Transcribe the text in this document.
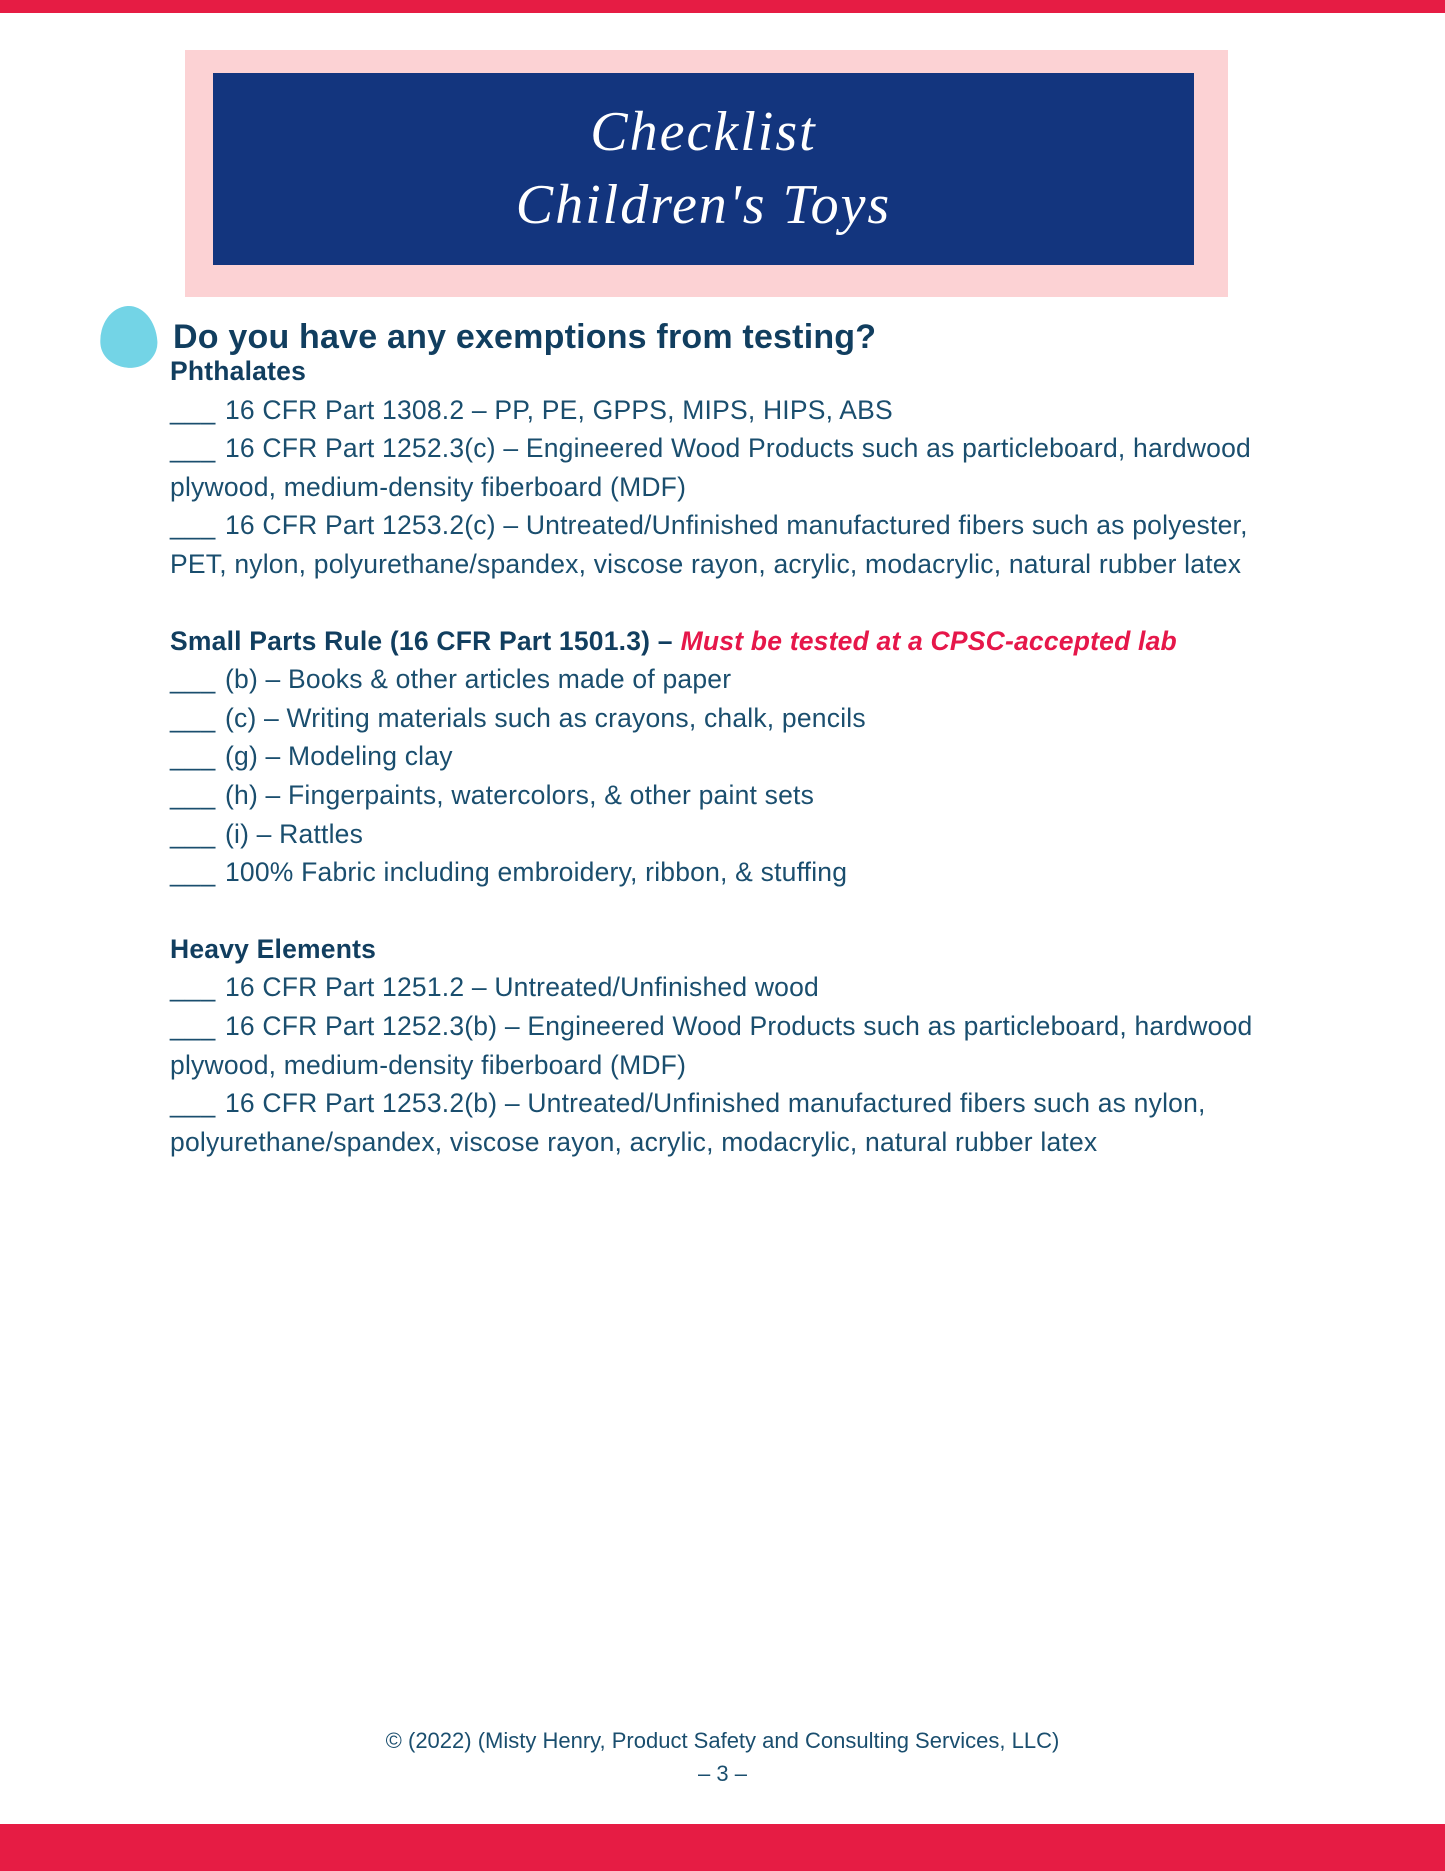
Checklist
Children's Toys
Do you have any exemptions from testing?

Phthalates

___ 16 CFR Part 1308.2 – PP, PE, GPPS, MIPS, HIPS, ABS

___ 16 CFR Part 1252.3(c) – Engineered Wood Products such as particleboard, hardwood plywood, medium-density fiberboard (MDF)

___ 16 CFR Part 1253.2(c) – Untreated/Unfinished manufactured fibers such as polyester, PET, nylon, polyurethane/spandex, viscose rayon, acrylic, modacrylic, natural rubber latex

Small Parts Rule (16 CFR Part 1501.3) – Must be tested at a CPSC-accepted lab

___ (b) – Books & other articles made of paper

___ (c) – Writing materials such as crayons, chalk, pencils

___ (g) – Modeling clay

___ (h) – Fingerpaints, watercolors, & other paint sets

___ (i) – Rattles

___ 100% Fabric including embroidery, ribbon, & stuffing

Heavy Elements

___ 16 CFR Part 1251.2 – Untreated/Unfinished wood

___ 16 CFR Part 1252.3(b) – Engineered Wood Products such as particleboard, hardwood plywood, medium-density fiberboard (MDF)

___ 16 CFR Part 1253.2(b) – Untreated/Unfinished manufactured fibers such as nylon, polyurethane/spandex, viscose rayon, acrylic, modacrylic, natural rubber latex

© (2022) (Misty Henry, Product Safety and Consulting Services, LLC)

– 3 –
